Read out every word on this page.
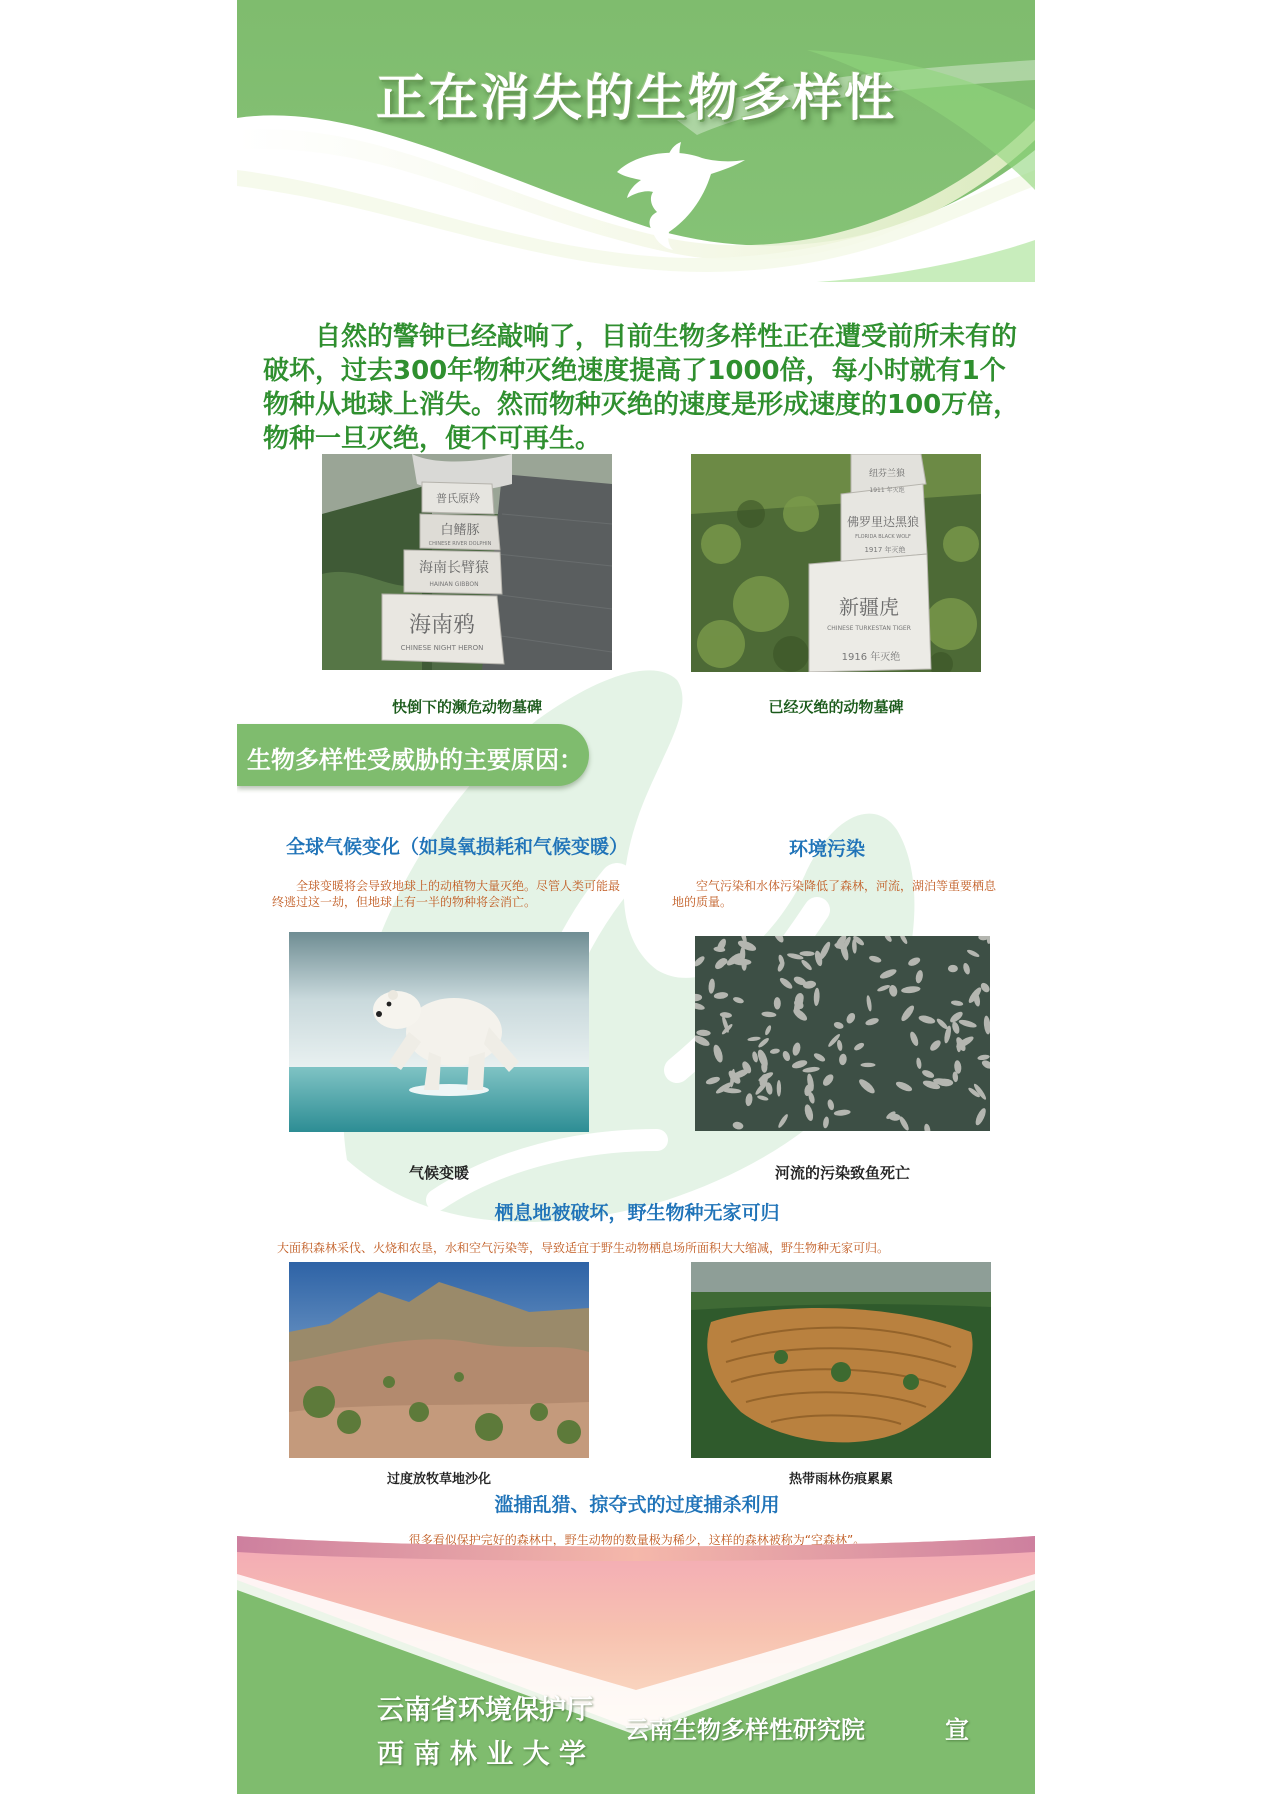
正在消失的生物多样性
自然的警钟已经敲响了，目前生物多样性正在遭受前所未有的破坏，过去300年物种灭绝速度提高了1000倍，每小时就有1个物种从地球上消失。然而物种灭绝的速度是形成速度的100万倍，物种一旦灭绝，便不可再生。
普氏原羚
白鳍豚
CHINESE RIVER DOLPHIN
海南长臂猿
HAINAN GIBBON
海南鸦
CHINESE NIGHT HERON
快倒下的濒危动物墓碑
纽芬兰狼
1911 年灭绝
佛罗里达黑狼
FLORIDA BLACK WOLF
1917 年灭绝
新疆虎
CHINESE TURKESTAN TIGER
1916 年灭绝
已经灭绝的动物墓碑
生物多样性受威胁的主要原因：
全球气候变化（如臭氧损耗和气候变暖）
全球变暖将会导致地球上的动植物大量灭绝。尽管人类可能最终逃过这一劫，但地球上有一半的物种将会消亡。
气候变暖
环境污染
空气污染和水体污染降低了森林，河流，湖泊等重要栖息地的质量。
河流的污染致鱼死亡
栖息地被破坏，野生物种无家可归
大面积森林采伐、火烧和农垦，水和空气污染等，导致适宜于野生动物栖息场所面积大大缩减，野生物种无家可归。
过度放牧草地沙化	热带雨林伤痕累累
滥捕乱猎、掠夺式的过度捕杀利用
很多看似保护完好的森林中，野生动物的数量极为稀少，这样的森林被称为“空森林”。
云南省环境保护厅
西 南 林 业 大 学
云南生物多样性研究院	宣
